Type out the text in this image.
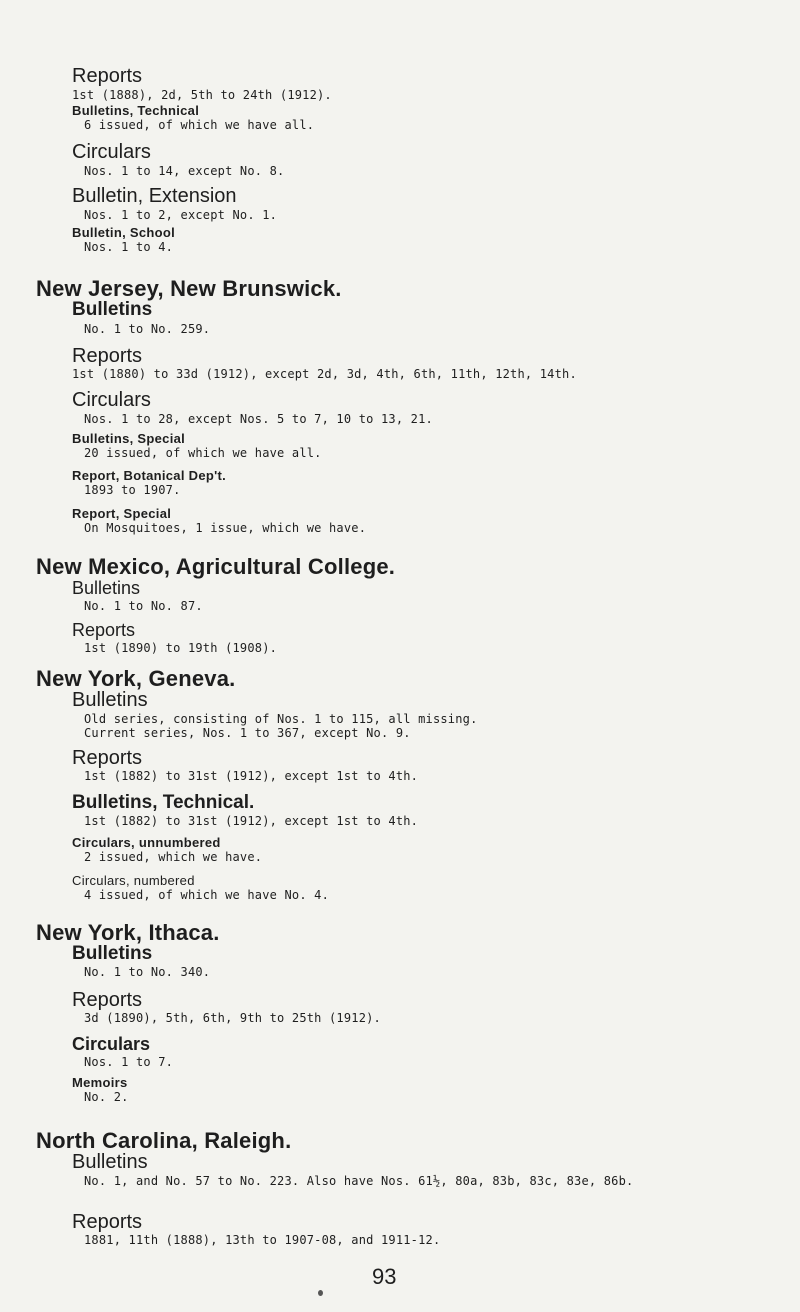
Reports
1st (1888), 2d, 5th to 24th (1912).
Bulletins, Technical
6 issued, of which we have all.
Circulars
Nos. 1 to 14, except No. 8.
Bulletin, Extension
Nos. 1 to 2, except No. 1.
Bulletin, School
Nos. 1 to 4.
New Jersey, New Brunswick.
Bulletins
No. 1 to No. 259.
Reports
1st (1880) to 33d (1912), except 2d, 3d, 4th, 6th, 11th, 12th, 14th.
Circulars
Nos. 1 to 28, except Nos. 5 to 7, 10 to 13, 21.
Bulletins, Special
20 issued, of which we have all.
Report, Botanical Dep't.
1893 to 1907.
Report, Special
On Mosquitoes, 1 issue, which we have.
New Mexico, Agricultural College.
Bulletins
No. 1 to No. 87.
Reports
1st (1890) to 19th (1908).
New York, Geneva.
Bulletins
Old series, consisting of Nos. 1 to 115, all missing.
Current series, Nos. 1 to 367, except No. 9.
Reports
1st (1882) to 31st (1912), except 1st to 4th.
Bulletins, Technical.
1st (1882) to 31st (1912), except 1st to 4th.
Circulars, unnumbered
2 issued, which we have.
Circulars, numbered
4 issued, of which we have No. 4.
New York, Ithaca.
Bulletins
No. 1 to No. 340.
Reports
3d (1890), 5th, 6th, 9th to 25th (1912).
Circulars
Nos. 1 to 7.
Memoirs
No. 2.
North Carolina, Raleigh.
Bulletins
No. 1, and No. 57 to No. 223. Also have Nos. 61½, 80a, 83b, 83c, 83e, 86b.
Reports
1881, 11th (1888), 13th to 1907-08, and 1911-12.
93
